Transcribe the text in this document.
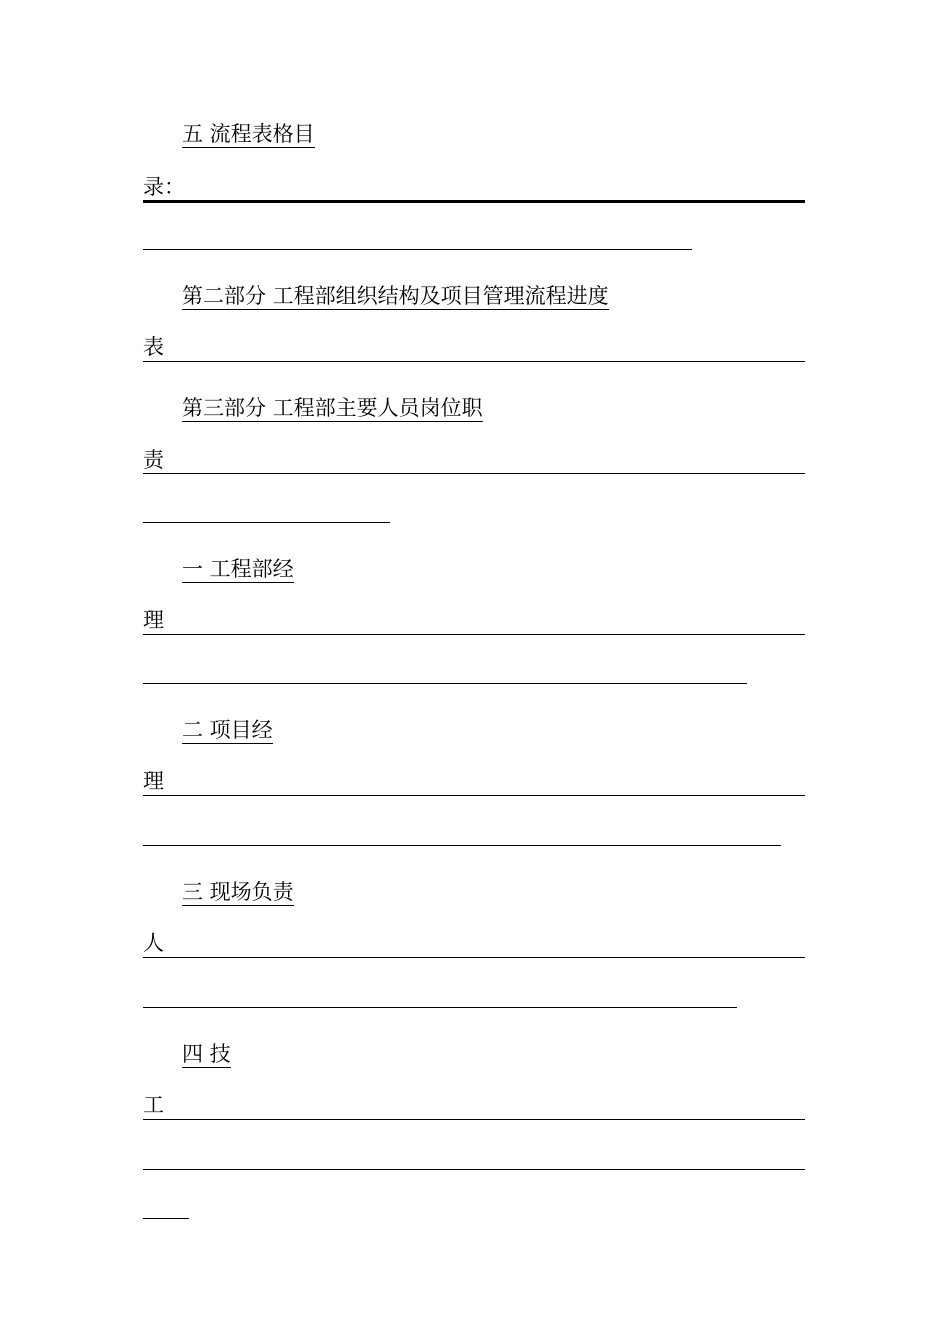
五 流程表格目
录：
第二部分 工程部组织结构及项目管理流程进度
表
第三部分 工程部主要人员岗位职
责
一 工程部经
理
二 项目经
理
三 现场负责
人
四 技
工
